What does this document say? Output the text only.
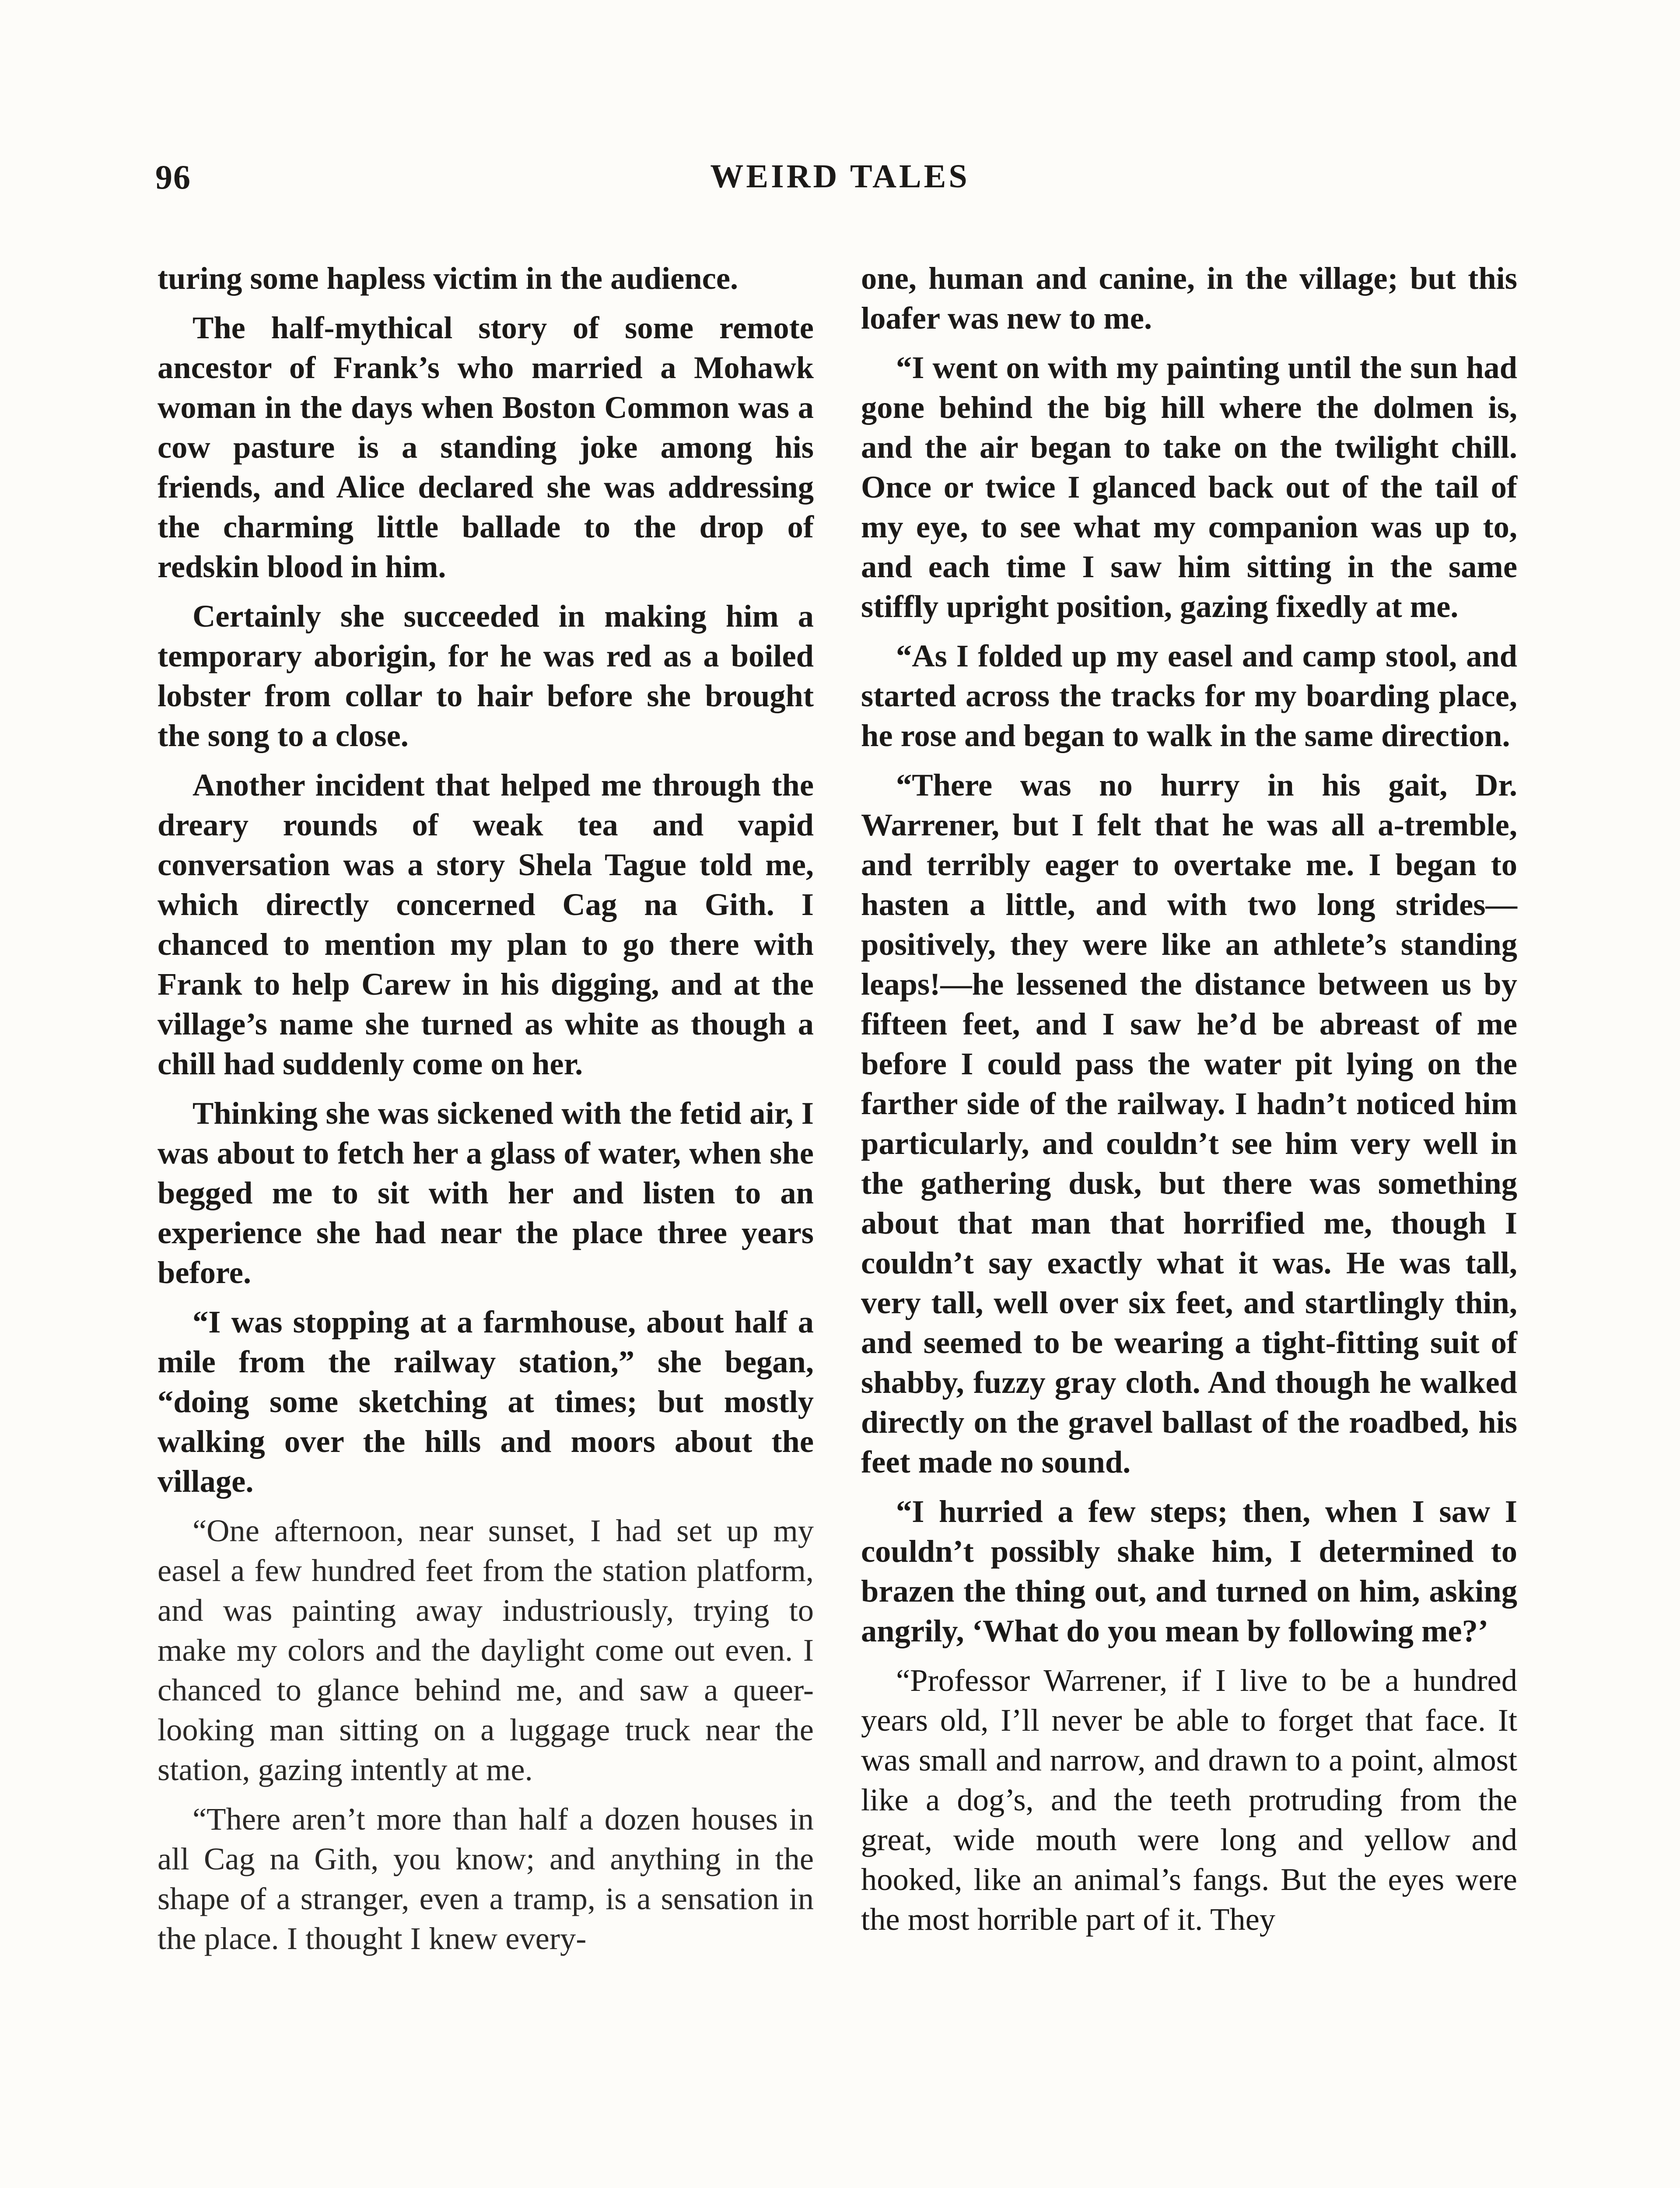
96	WEIRD TALES

turing some hapless victim in the audience.

The half-mythical story of some remote ancestor of Frank’s who married a Mohawk woman in the days when Boston Common was a cow pasture is a standing joke among his friends, and Alice declared she was addressing the charming little ballade to the drop of redskin blood in him.

Certainly she succeeded in making him a temporary aborigin, for he was red as a boiled lobster from collar to hair before she brought the song to a close.

Another incident that helped me through the dreary rounds of weak tea and vapid conversation was a story Shela Tague told me, which directly concerned Cag na Gith. I chanced to mention my plan to go there with Frank to help Carew in his digging, and at the village’s name she turned as white as though a chill had suddenly come on her.

Thinking she was sickened with the fetid air, I was about to fetch her a glass of water, when she begged me to sit with her and listen to an experience she had near the place three years before.

“I was stopping at a farmhouse, about half a mile from the railway station,” she began, “doing some sketching at times; but mostly walking over the hills and moors about the village.

“One afternoon, near sunset, I had set up my easel a few hundred feet from the station platform, and was painting away industriously, trying to make my colors and the daylight come out even. I chanced to glance behind me, and saw a queer-looking man sitting on a luggage truck near the station, gazing intently at me.

“There aren’t more than half a dozen houses in all Cag na Gith, you know; and anything in the shape of a stranger, even a tramp, is a sensation in the place. I thought I knew every-

one, human and canine, in the village; but this loafer was new to me.

“I went on with my painting until the sun had gone behind the big hill where the dolmen is, and the air began to take on the twilight chill. Once or twice I glanced back out of the tail of my eye, to see what my companion was up to, and each time I saw him sitting in the same stiffly upright position, gazing fixedly at me.

“As I folded up my easel and camp stool, and started across the tracks for my boarding place, he rose and began to walk in the same direction.

“There was no hurry in his gait, Dr. Warrener, but I felt that he was all a-tremble, and terribly eager to overtake me. I began to hasten a little, and with two long strides—positively, they were like an athlete’s standing leaps!—he lessened the distance between us by fifteen feet, and I saw he’d be abreast of me before I could pass the water pit lying on the farther side of the railway. I hadn’t noticed him particularly, and couldn’t see him very well in the gathering dusk, but there was something about that man that horrified me, though I couldn’t say exactly what it was. He was tall, very tall, well over six feet, and startlingly thin, and seemed to be wearing a tight-fitting suit of shabby, fuzzy gray cloth. And though he walked directly on the gravel ballast of the roadbed, his feet made no sound.

“I hurried a few steps; then, when I saw I couldn’t possibly shake him, I determined to brazen the thing out, and turned on him, asking angrily, ‘What do you mean by following me?’

“Professor Warrener, if I live to be a hundred years old, I’ll never be able to forget that face. It was small and narrow, and drawn to a point, almost like a dog’s, and the teeth protruding from the great, wide mouth were long and yellow and hooked, like an animal’s fangs. But the eyes were the most horrible part of it. They
